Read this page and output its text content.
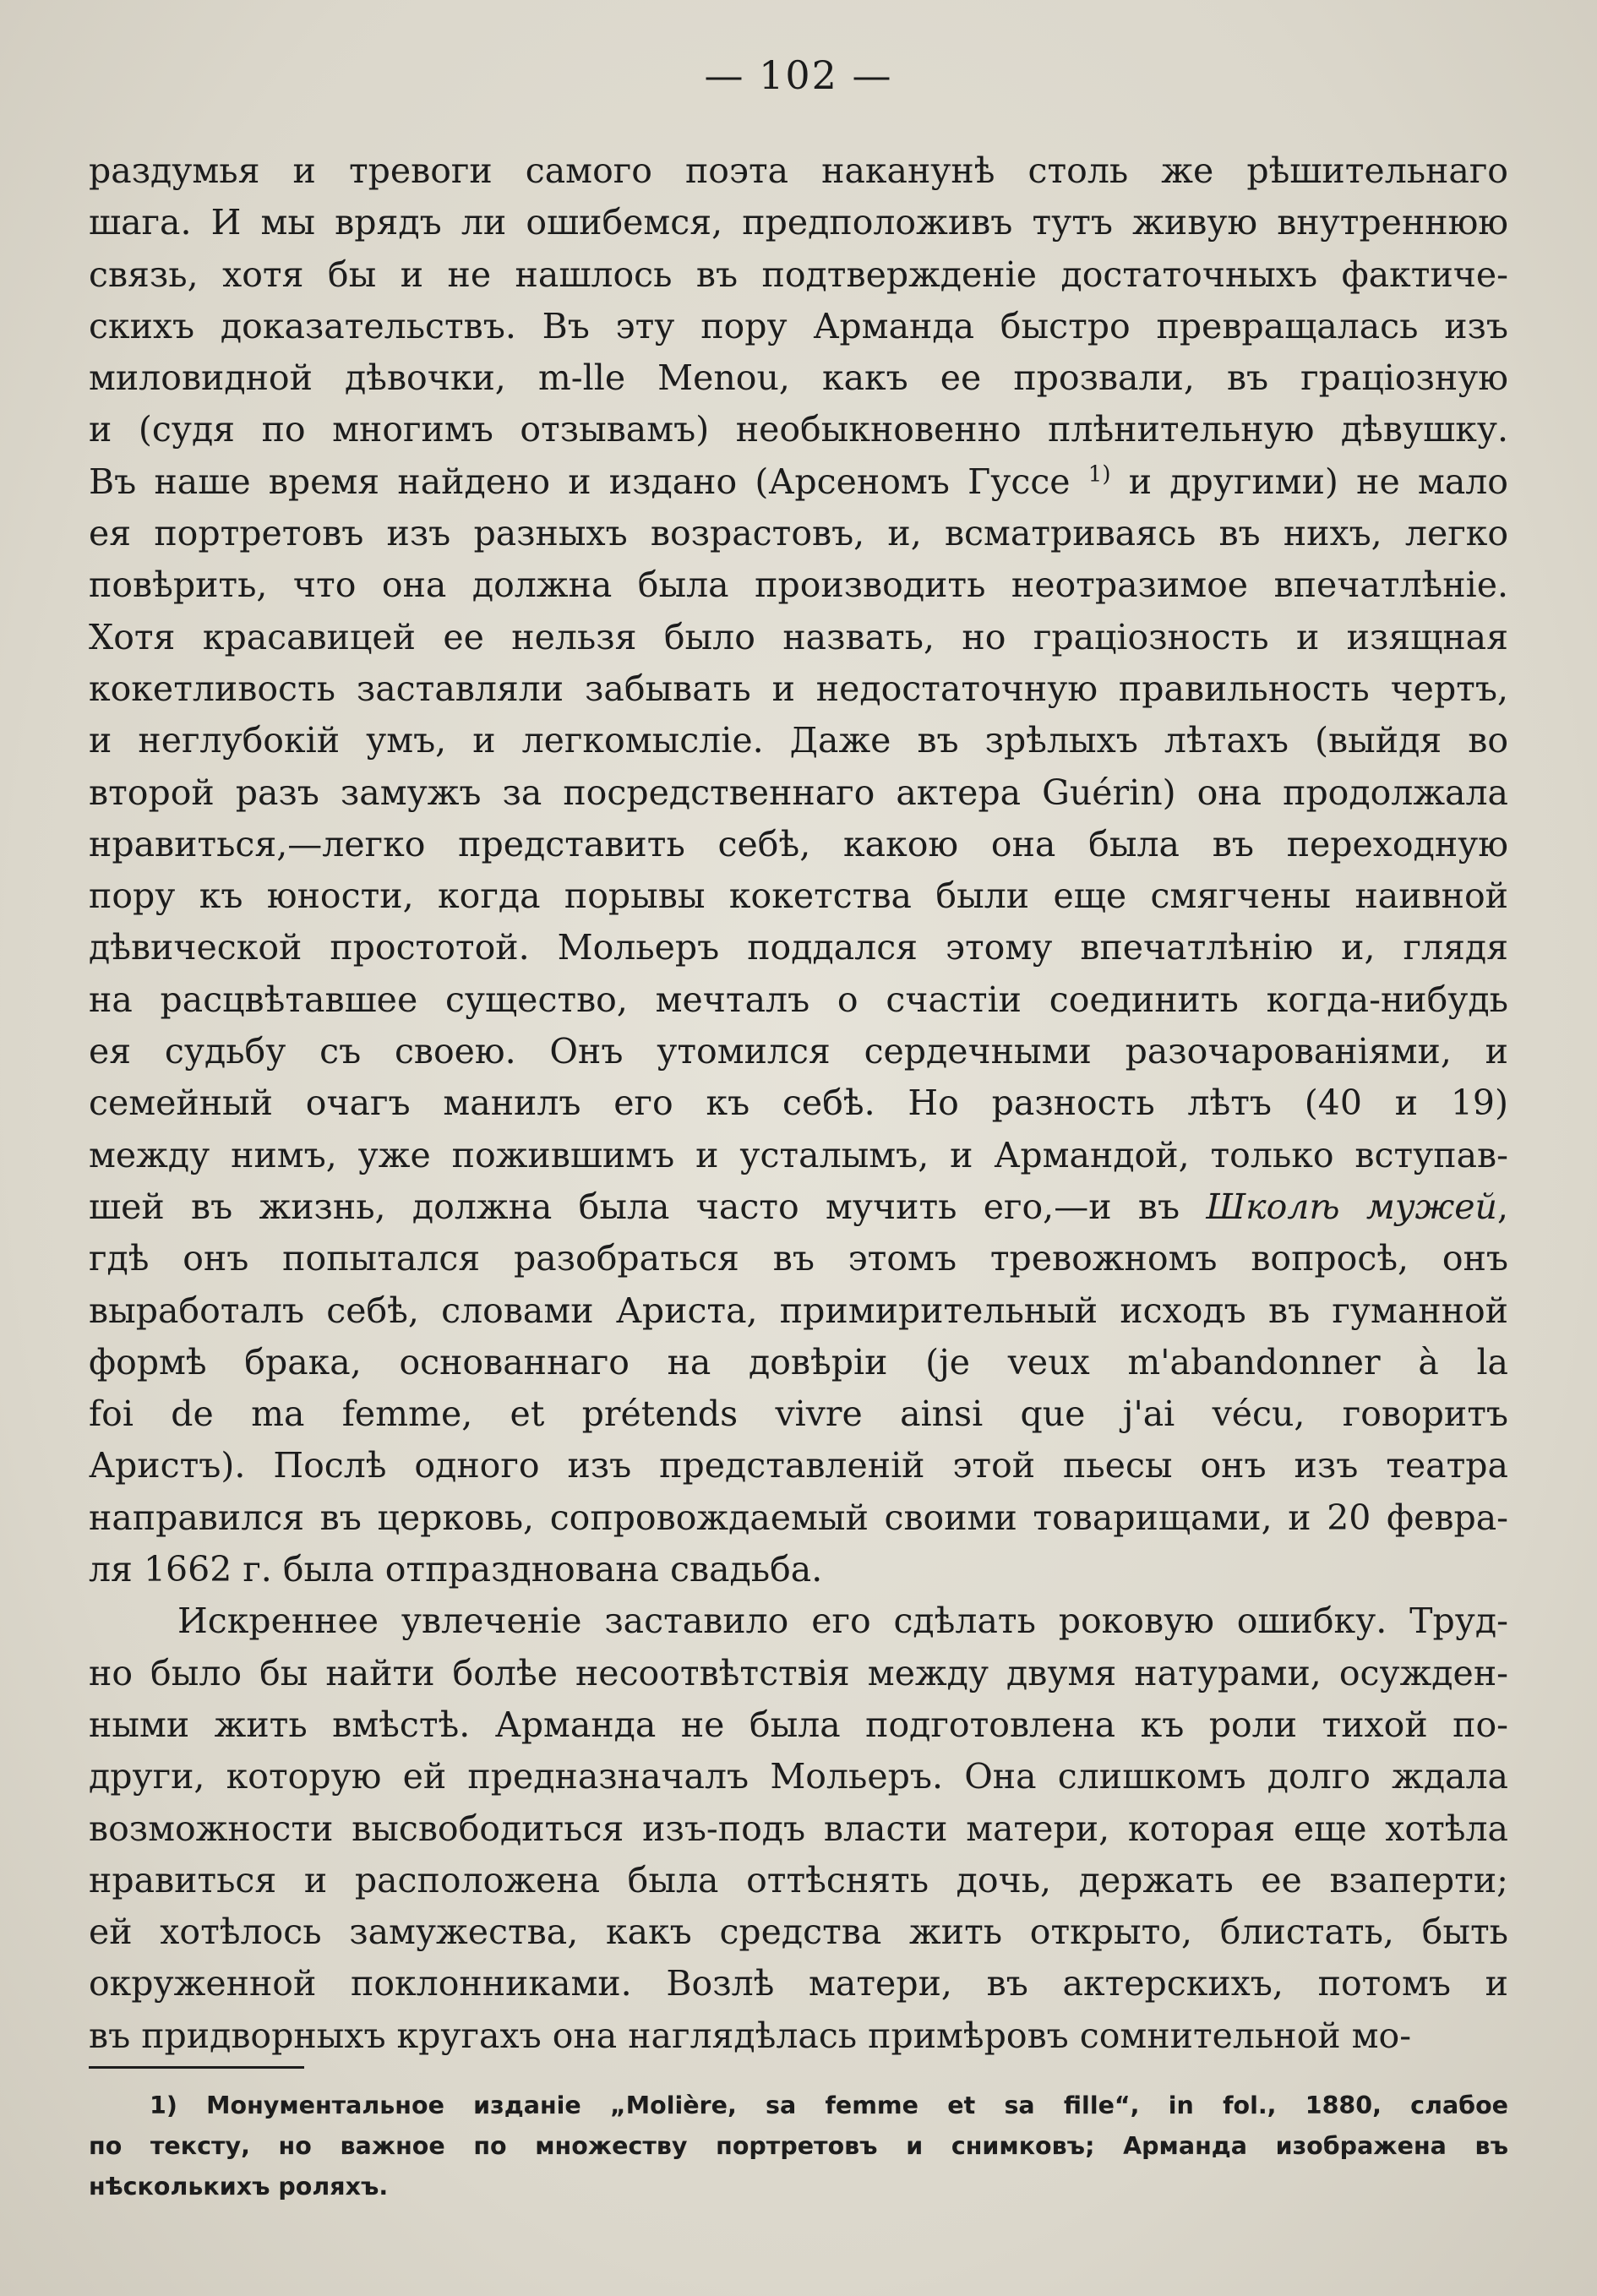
— 102 —
раздумья и тревоги самого поэта наканунѣ столь же рѣшительнаго
шага. И мы врядъ ли ошибемся, предположивъ тутъ живую внутреннюю
связь, хотя бы и не нашлось въ подтвержденіе достаточныхъ фактиче-
скихъ доказательствъ. Въ эту пору Арманда быстро превращалась изъ
миловидной дѣвочки, m-lle Menou, какъ ее прозвали, въ граціозную
и (судя по многимъ отзывамъ) необыкновенно плѣнительную дѣвушку.
Въ наше время найдено и издано (Арсеномъ Гуссе $^{1)}$ и другими) не мало
ея портретовъ изъ разныхъ возрастовъ, и, всматриваясь въ нихъ, легко
повѣрить, что она должна была производить неотразимое впечатлѣніе.
Хотя красавицей ее нельзя было назвать, но граціозность и изящная
кокетливость заставляли забывать и недостаточную правильность чертъ,
и неглубокій умъ, и легкомысліе. Даже въ зрѣлыхъ лѣтахъ (выйдя во
второй разъ замужъ за посредственнаго актера Guérin) она продолжала
нравиться,—легко представить себѣ, какою она была въ переходную
пору къ юности, когда порывы кокетства были еще смягчены наивной
дѣвической простотой. Мольеръ поддался этому впечатлѣнію и, глядя
на расцвѣтавшее существо, мечталъ о счастіи соединить когда-нибудь
ея судьбу съ своею. Онъ утомился сердечными разочарованіями, и
семейный очагъ манилъ его къ себѣ. Но разность лѣтъ (40 и 19)
между нимъ, уже пожившимъ и усталымъ, и Армандой, только вступав-
шей въ жизнь, должна была часто мучить его,—и въ Школѣ мужей,
гдѣ онъ попытался разобраться въ этомъ тревожномъ вопросѣ, онъ
выработалъ себѣ, словами Ариста, примирительный исходъ въ гуманной
формѣ брака, основаннаго на довѣріи (je veux m'abandonner à la
foi de ma femme, et prétends vivre ainsi que j'ai vécu, говоритъ
Аристъ). Послѣ одного изъ представленій этой пьесы онъ изъ театра
направился въ церковь, сопровождаемый своими товарищами, и 20 февра-
ля 1662 г. была отпразднована свадьба.
Искреннее увлеченіе заставило его сдѣлать роковую ошибку. Труд-
но было бы найти болѣе несоотвѣтствія между двумя натурами, осужден-
ными жить вмѣстѣ. Арманда не была подготовлена къ роли тихой по-
други, которую ей предназначалъ Мольеръ. Она слишкомъ долго ждала
возможности высвободиться изъ-подъ власти матери, которая еще хотѣла
нравиться и расположена была оттѣснять дочь, держать ее взаперти;
ей хотѣлось замужества, какъ средства жить открыто, блистать, быть
окруженной поклонниками. Возлѣ матери, въ актерскихъ, потомъ и
въ придворныхъ кругахъ она наглядѣлась примѣровъ сомнительной мо-
1) Монументальное изданіе „Molière, sa femme et sa fille“, in fol., 1880, слабое
по тексту, но важное по множеству портретовъ и снимковъ; Арманда изображена въ
нѣсколькихъ роляхъ.
